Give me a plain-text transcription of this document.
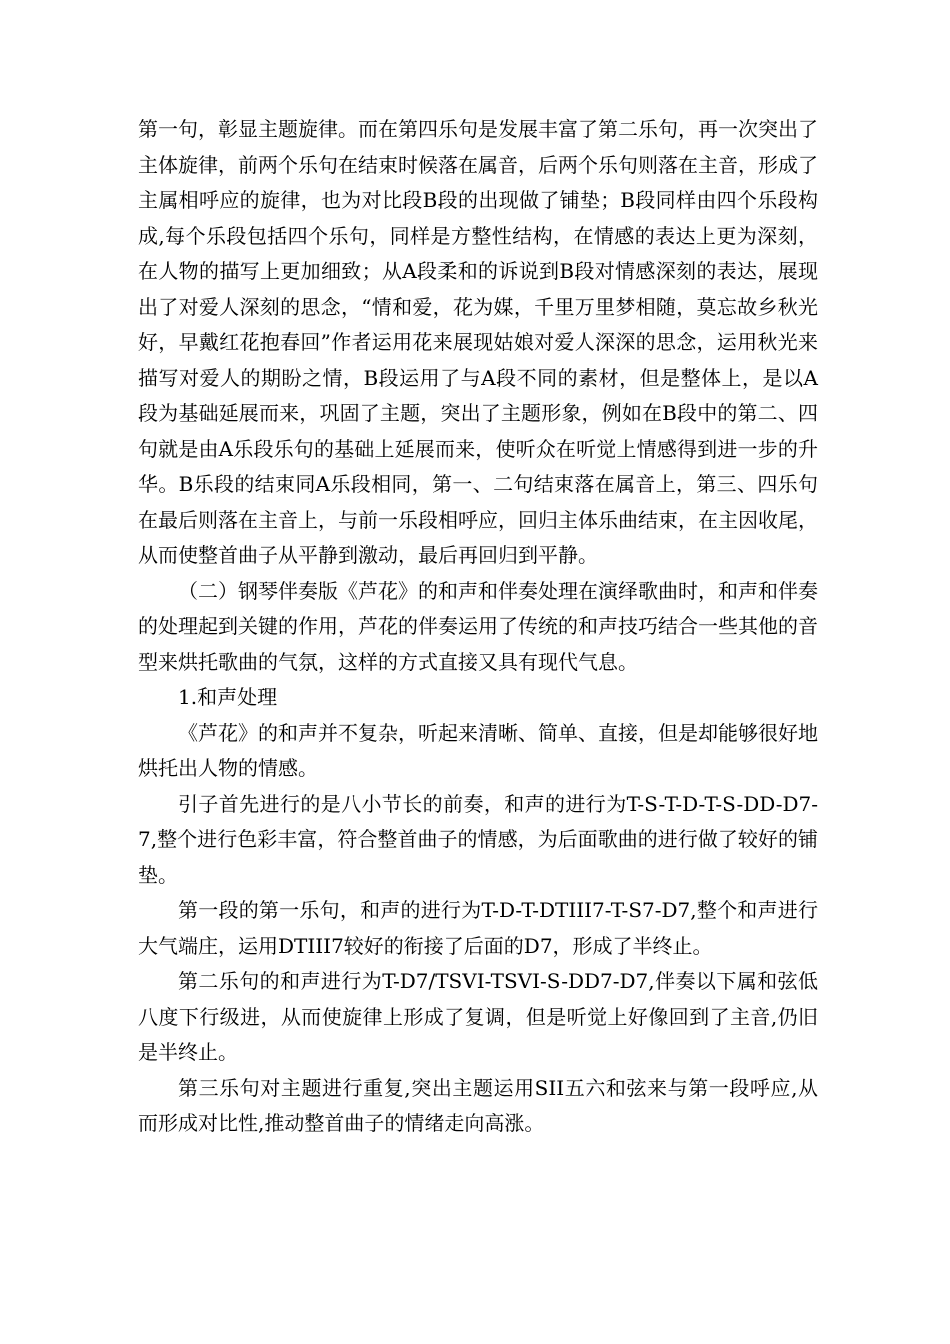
第一句，彰显主题旋律。而在第四乐句是发展丰富了第二乐句，再一次突出了主体旋律，前两个乐句在结束时候落在属音，后两个乐句则落在主音，形成了主属相呼应的旋律，也为对比段B段的出现做了铺垫；B段同样由四个乐段构成,每个乐段包括四个乐句，同样是方整性结构，在情感的表达上更为深刻，在人物的描写上更加细致；从A段柔和的诉说到B段对情感深刻的表达，展现出了对爱人深刻的思念，“情和爱，花为媒，千里万里梦相随，莫忘故乡秋光好，早戴红花抱春回”作者运用花来展现姑娘对爱人深深的思念，运用秋光来描写对爱人的期盼之情，B段运用了与A段不同的素材，但是整体上，是以A段为基础延展而来，巩固了主题，突出了主题形象，例如在B段中的第二、四句就是由A乐段乐句的基础上延展而来，使听众在听觉上情感得到进一步的升华。B乐段的结束同A乐段相同，第一、二句结束落在属音上，第三、四乐句在最后则落在主音上，与前一乐段相呼应，回归主体乐曲结束，在主因收尾，从而使整首曲子从平静到激动，最后再回归到平静。

（二）钢琴伴奏版《芦花》的和声和伴奏处理在演绎歌曲时，和声和伴奏的处理起到关键的作用，芦花的伴奏运用了传统的和声技巧结合一些其他的音型来烘托歌曲的气氛，这样的方式直接又具有现代气息。

1.和声处理

《芦花》的和声并不复杂，听起来清晰、简单、直接，但是却能够很好地烘托出人物的情感。

引子首先进行的是八小节长的前奏，和声的进行为T-S-T-D-T-S-DD-D7-7,整个进行色彩丰富，符合整首曲子的情感，为后面歌曲的进行做了较好的铺垫。

第一段的第一乐句，和声的进行为T-D-T-DTIII7-T-S7-D7,整个和声进行大气端庄，运用DTIII7较好的衔接了后面的D7，形成了半终止。

第二乐句的和声进行为T-D7/TSVI-TSVI-S-DD7-D7,伴奏以下属和弦低八度下行级进，从而使旋律上形成了复调，但是听觉上好像回到了主音,仍旧是半终止。

第三乐句对主题进行重复,突出主题运用SII五六和弦来与第一段呼应,从而形成对比性,推动整首曲子的情绪走向高涨。
